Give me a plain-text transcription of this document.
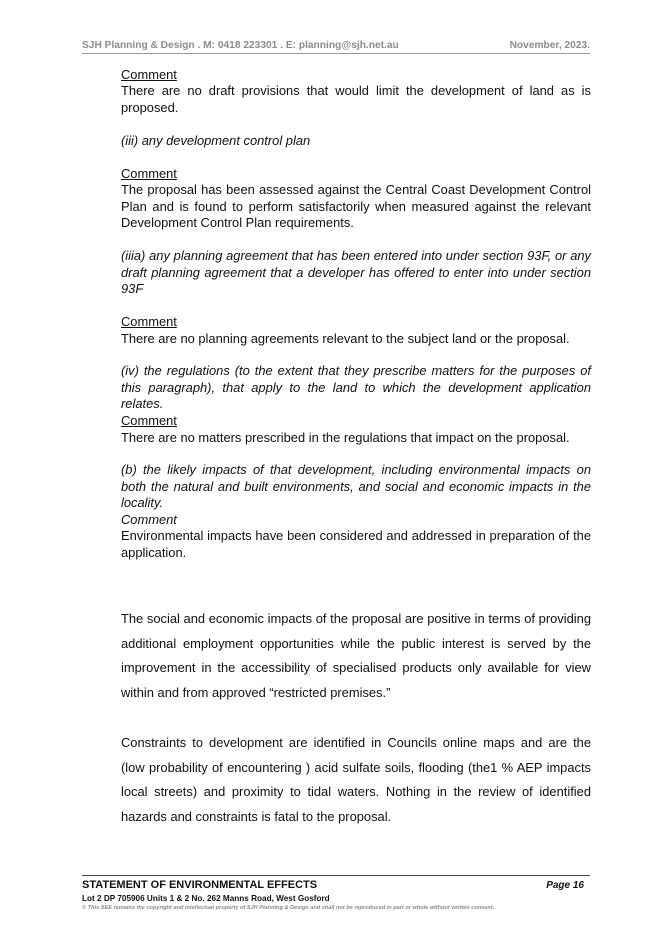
SJH Planning & Design . M: 0418 223301 . E: planning@sjh.net.au	November, 2023.
Comment
There are no draft provisions that would limit the development of land as is proposed.
(iii) any development control plan
Comment
The proposal has been assessed against the Central Coast Development Control Plan and is found to perform satisfactorily when measured against the relevant Development Control Plan requirements.
(iiia) any planning agreement that has been entered into under section 93F, or any draft planning agreement that a developer has offered to enter into under section 93F
Comment
There are no planning agreements relevant to the subject land or the proposal.
(iv) the regulations (to the extent that they prescribe matters for the purposes of this paragraph), that apply to the land to which the development application relates.
Comment
There are no matters prescribed in the regulations that impact on the proposal.
(b) the likely impacts of that development, including environmental impacts on both the natural and built environments, and social and economic impacts in the locality.
Comment
Environmental impacts have been considered and addressed in preparation of the application.
The social and economic impacts of the proposal are positive in terms of providing additional employment opportunities while the public interest is served by the improvement in the accessibility of specialised products only available for view within and from approved “restricted premises.”
Constraints to development are identified in Councils online maps and are the (low probability of encountering ) acid sulfate soils, flooding (the1 % AEP impacts local streets) and proximity to tidal waters. Nothing in the review of identified hazards and constraints is fatal to the proposal.
STATEMENT OF ENVIRONMENTAL EFFECTS	Page 16
Lot 2 DP 705906 Units 1 & 2 No. 262 Manns Road, West Gosford
© This SEE remains the copyright and intellectual property of SJH Planning & Design and shall not be reproduced in part or whole without written consent.
